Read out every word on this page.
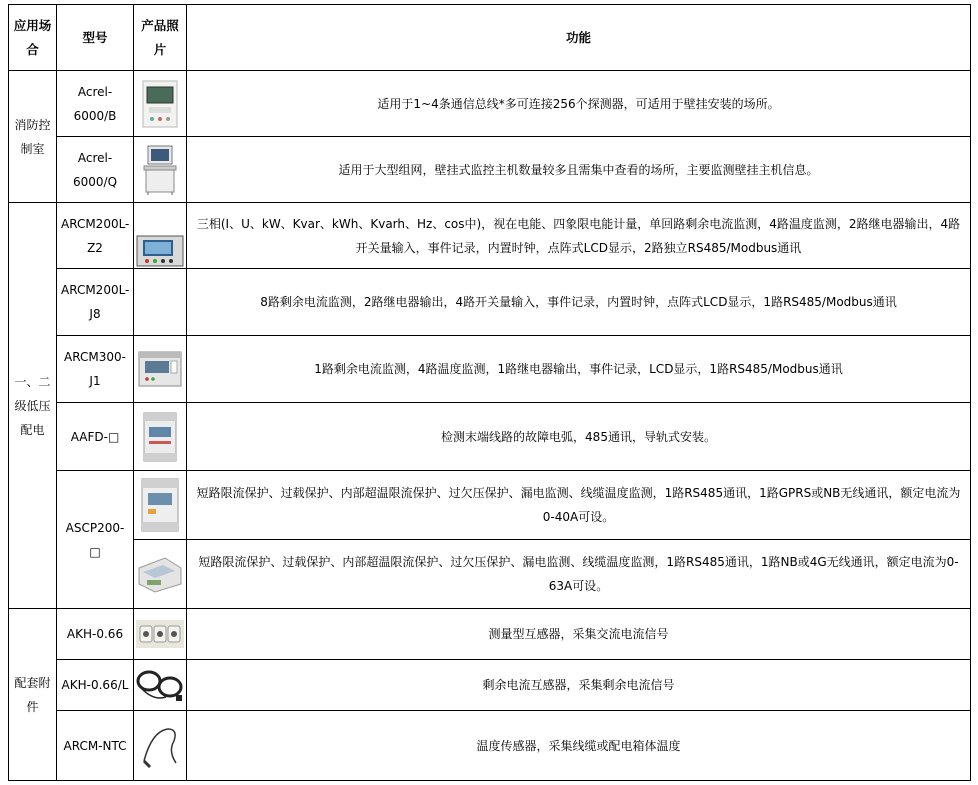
应用场合	型号	产品照片	功能
消防控制室	Acrel-6000/B		适用于1~4条通信总线*多可连接256个探测器，可适用于壁挂安装的场所。
	Acrel-6000/Q		适用于大型组网，壁挂式监控主机数量较多且需集中查看的场所，主要监测壁挂主机信息。
一、二级低压配电	ARCM200L-Z2		三相(I、U、kW、Kvar、kWh、Kvarh、Hz、cos中)，视在电能、四象限电能计量，单回路剩余电流监测，4路温度监测，2路继电器输出，4路开关量输入，事件记录，内置时钟，点阵式LCD显示，2路独立RS485/Modbus通讯
	ARCM200L-J8		8路剩余电流监测，2路继电器输出，4路开关量输入，事件记录，内置时钟，点阵式LCD显示，1路RS485/Modbus通讯
	ARCM300-J1		1路剩余电流监测，4路温度监测，1路继电器输出，事件记录，LCD显示，1路RS485/Modbus通讯
	AAFD-□		检测末端线路的故障电弧，485通讯，导轨式安装。
	ASCP200-□		短路限流保护、过载保护、内部超温限流保护、过欠压保护、漏电监测、线缆温度监测，1路RS485通讯，1路GPRS或NB无线通讯，额定电流为0-40A可设。

	短路限流保护、过载保护、内部超温限流保护、过欠压保护、漏电监测、线缆温度监测，1路RS485通讯，1路NB或4G无线通讯，额定电流为0-63A可设。
配套附件	AKH-0.66		测量型互感器，采集交流电流信号
	AKH-0.66/L		剩余电流互感器，采集剩余电流信号
	ARCM-NTC		温度传感器，采集线缆或配电箱体温度
